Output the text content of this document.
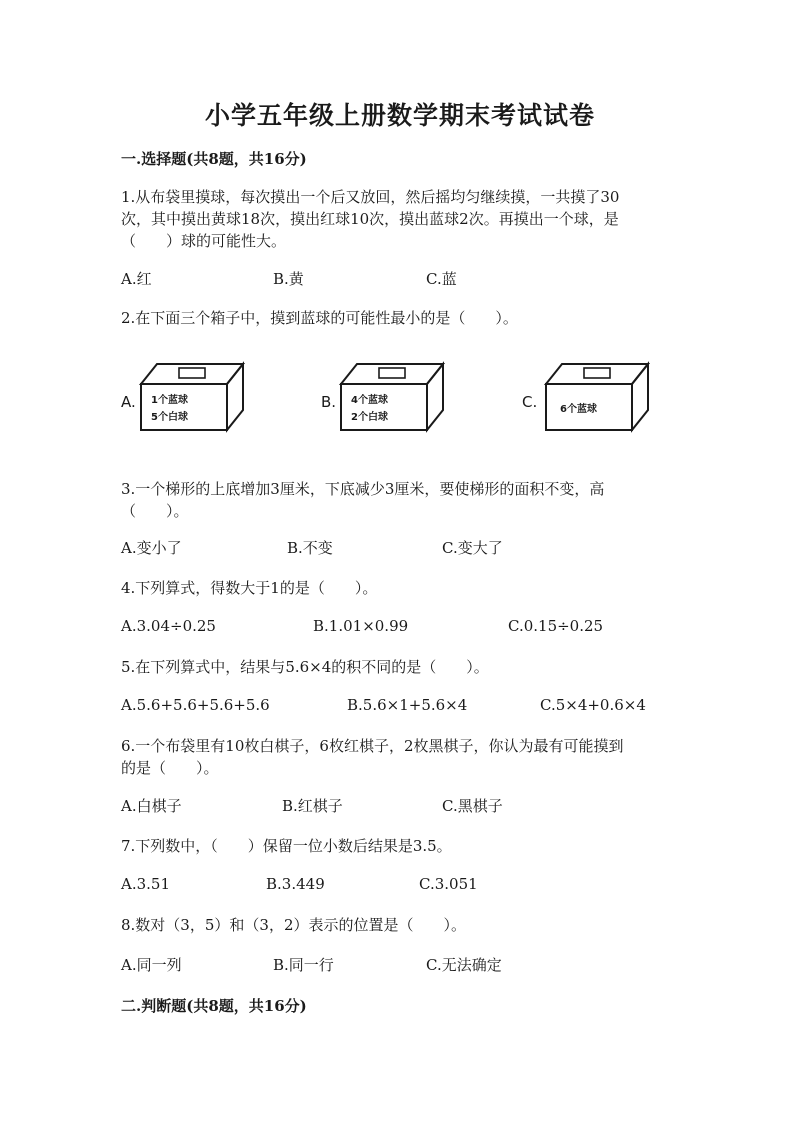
小学五年级上册数学期末考试试卷
一.选择题(共8题，共16分)
1.从布袋里摸球，每次摸出一个后又放回，然后摇均匀继续摸，一共摸了30
次，其中摸出黄球18次，摸出红球10次，摸出蓝球2次。再摸出一个球，是
（　　）球的可能性大。
A.红	B.黄	C.蓝
2.在下面三个箱子中，摸到蓝球的可能性最小的是（　　）。
A. 1个蓝球
5个白球
B. 4个蓝球
2个白球
C. 6个蓝球
3.一个梯形的上底增加3厘米，下底减少3厘米，要使梯形的面积不变，高
（　　）。
A.变小了	B.不变	C.变大了
4.下列算式，得数大于1的是（　　）。
A.3.04÷0.25	B.1.01×0.99	C.0.15÷0.25
5.在下列算式中，结果与5.6×4的积不同的是（　　）。
A.5.6+5.6+5.6+5.6	B.5.6×1+5.6×4	C.5×4+0.6×4
6.一个布袋里有10枚白棋子，6枚红棋子，2枚黑棋子，你认为最有可能摸到
的是（　　）。
A.白棋子	B.红棋子	C.黑棋子
7.下列数中，（　　）保留一位小数后结果是3.5。
A.3.51	B.3.449	C.3.051
8.数对（3，5）和（3，2）表示的位置是（　　）。
A.同一列	B.同一行	C.无法确定
二.判断题(共8题，共16分)
